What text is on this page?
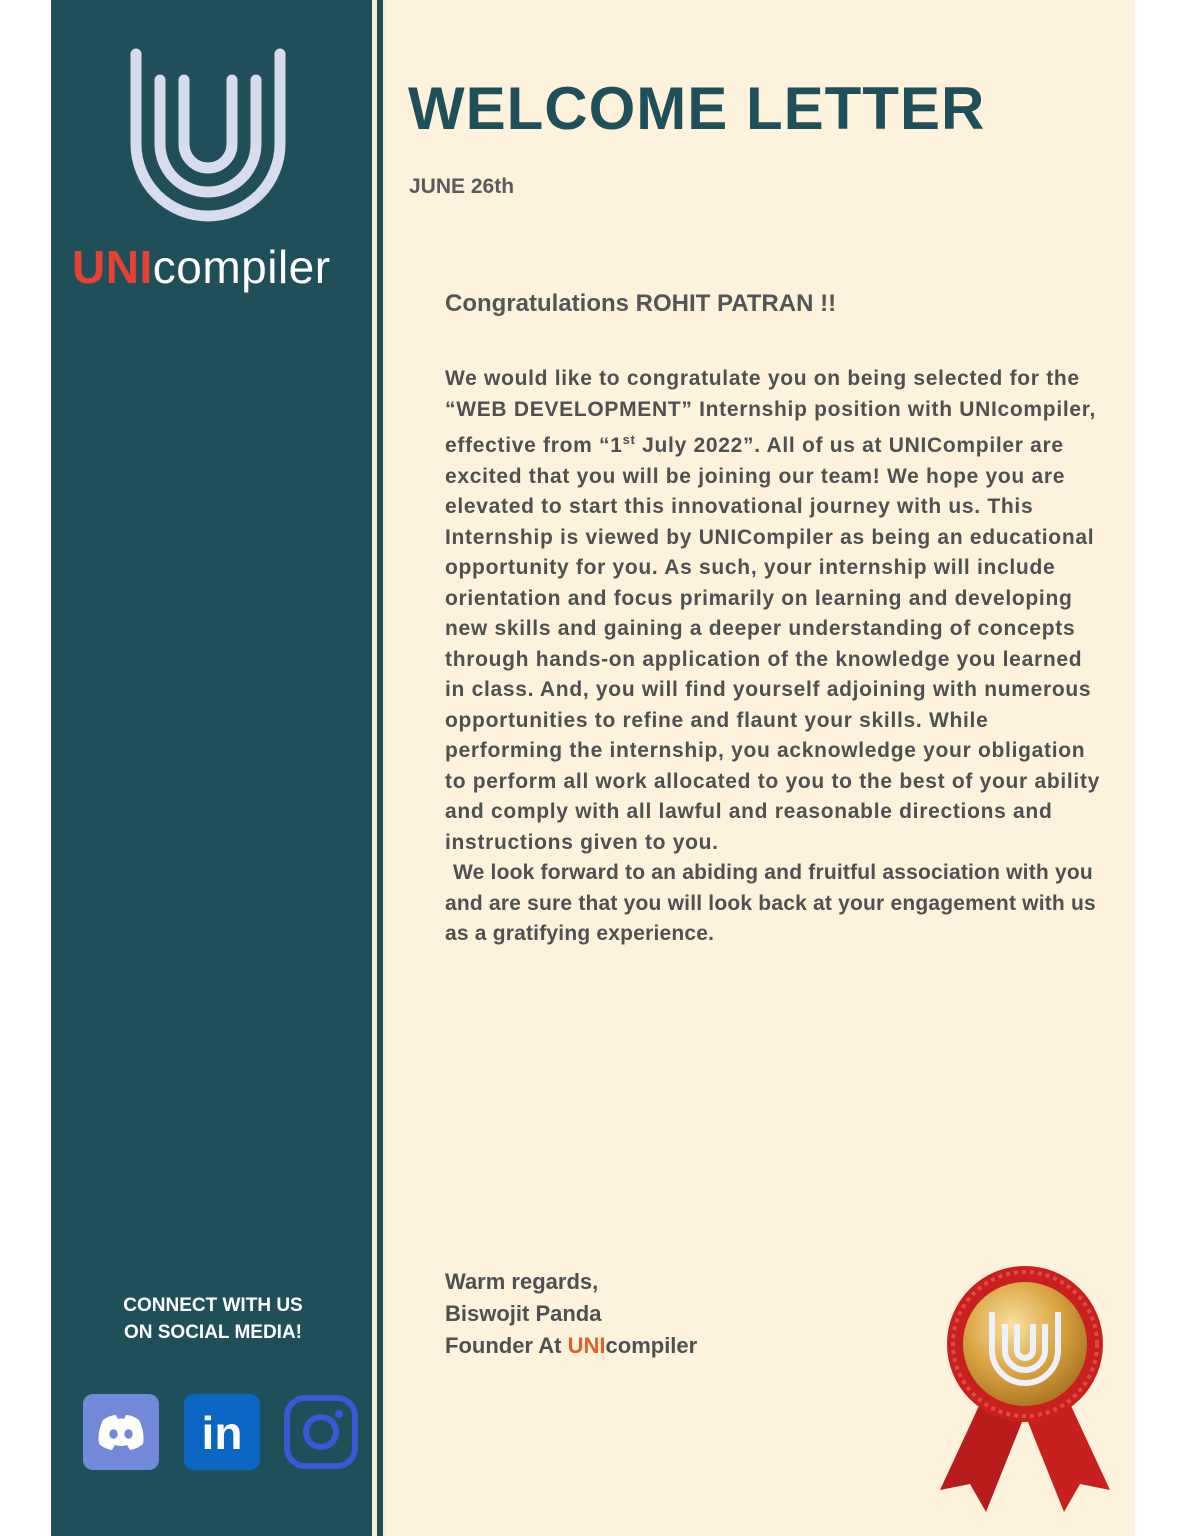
UNIcompiler
CONNECT WITH US
ON SOCIAL MEDIA!
in
WELCOME LETTER
JUNE 26th
Congratulations ROHIT PATRAN !!

We would like to congratulate you on being selected for the “WEB DEVELOPMENT” Internship position with UNIcompiler, effective from “1st July 2022”. All of us at UNICompiler are excited that you will be joining our team! We hope you are elevated to start this innovational journey with us. This Internship is viewed by UNICompiler as being an educational opportunity for you. As such, your internship will include orientation and focus primarily on learning and developing new skills and gaining a deeper understanding of concepts through hands-on application of the knowledge you learned in class. And, you will find yourself adjoining with numerous opportunities to refine and flaunt your skills. While performing the internship, you acknowledge your obligation to perform all work allocated to you to the best of your ability and comply with all lawful and reasonable directions and instructions given to you.

We look forward to an abiding and fruitful association with you and are sure that you will look back at your engagement with us as a gratifying experience.

Warm regards,
Biswojit Panda
Founder At UNIcompiler
